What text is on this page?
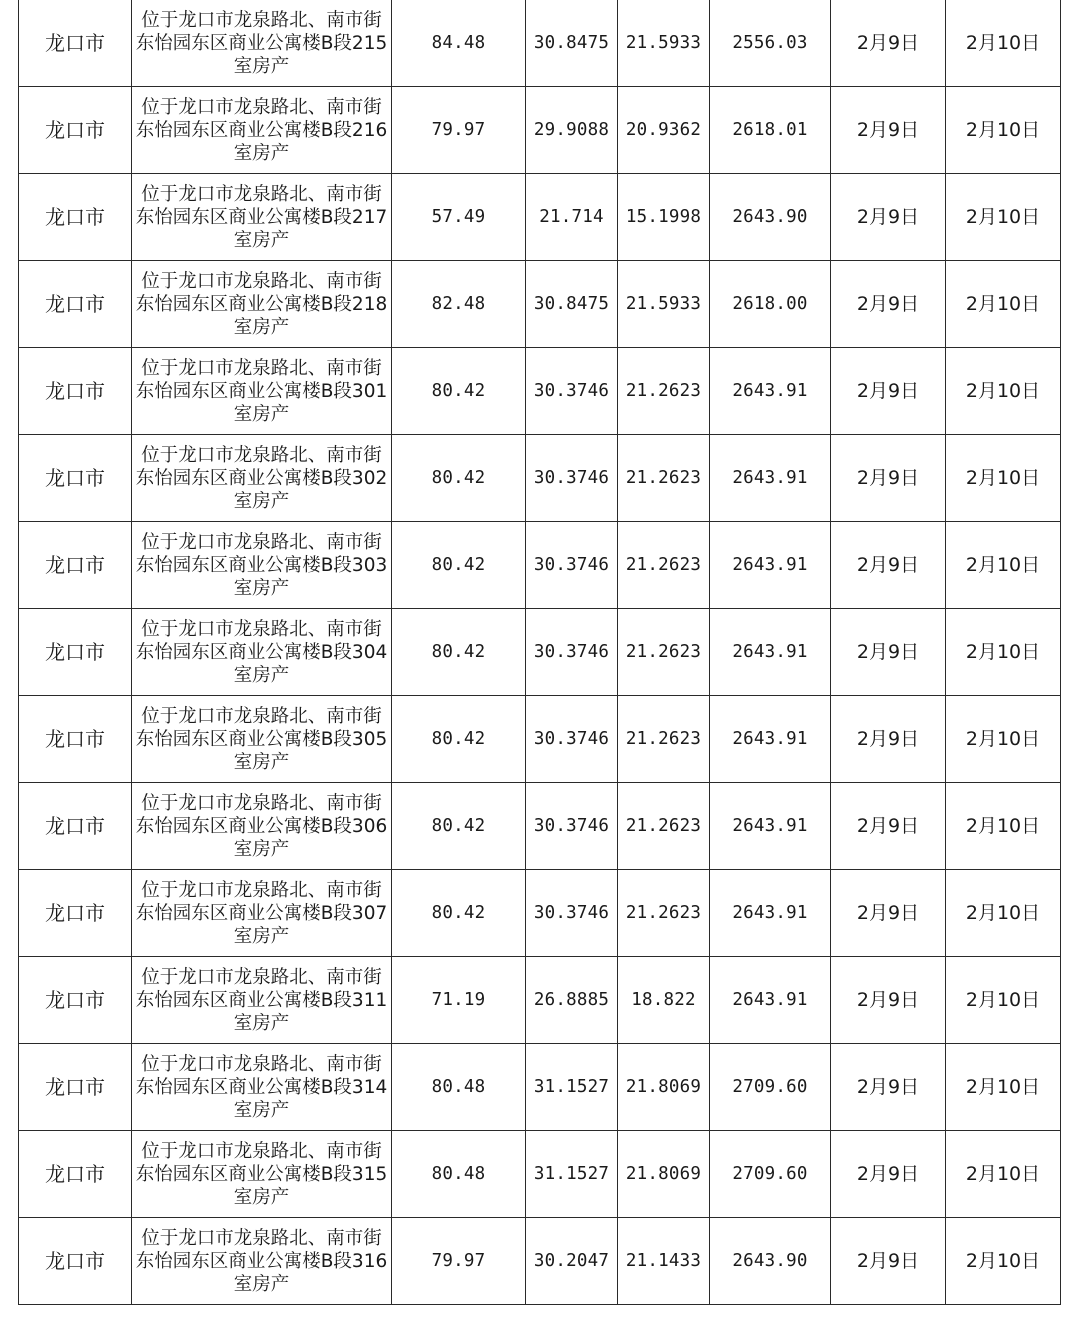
龙口市	位于龙口市龙泉路北、南市街
东怡园东区商业公寓楼B段215
室房产	84.48	30.8475	21.5933	2556.03	2月9日	2月10日
龙口市	位于龙口市龙泉路北、南市街
东怡园东区商业公寓楼B段216
室房产	79.97	29.9088	20.9362	2618.01	2月9日	2月10日
龙口市	位于龙口市龙泉路北、南市街
东怡园东区商业公寓楼B段217
室房产	57.49	21.714	15.1998	2643.90	2月9日	2月10日
龙口市	位于龙口市龙泉路北、南市街
东怡园东区商业公寓楼B段218
室房产	82.48	30.8475	21.5933	2618.00	2月9日	2月10日
龙口市	位于龙口市龙泉路北、南市街
东怡园东区商业公寓楼B段301
室房产	80.42	30.3746	21.2623	2643.91	2月9日	2月10日
龙口市	位于龙口市龙泉路北、南市街
东怡园东区商业公寓楼B段302
室房产	80.42	30.3746	21.2623	2643.91	2月9日	2月10日
龙口市	位于龙口市龙泉路北、南市街
东怡园东区商业公寓楼B段303
室房产	80.42	30.3746	21.2623	2643.91	2月9日	2月10日
龙口市	位于龙口市龙泉路北、南市街
东怡园东区商业公寓楼B段304
室房产	80.42	30.3746	21.2623	2643.91	2月9日	2月10日
龙口市	位于龙口市龙泉路北、南市街
东怡园东区商业公寓楼B段305
室房产	80.42	30.3746	21.2623	2643.91	2月9日	2月10日
龙口市	位于龙口市龙泉路北、南市街
东怡园东区商业公寓楼B段306
室房产	80.42	30.3746	21.2623	2643.91	2月9日	2月10日
龙口市	位于龙口市龙泉路北、南市街
东怡园东区商业公寓楼B段307
室房产	80.42	30.3746	21.2623	2643.91	2月9日	2月10日
龙口市	位于龙口市龙泉路北、南市街
东怡园东区商业公寓楼B段311
室房产	71.19	26.8885	18.822	2643.91	2月9日	2月10日
龙口市	位于龙口市龙泉路北、南市街
东怡园东区商业公寓楼B段314
室房产	80.48	31.1527	21.8069	2709.60	2月9日	2月10日
龙口市	位于龙口市龙泉路北、南市街
东怡园东区商业公寓楼B段315
室房产	80.48	31.1527	21.8069	2709.60	2月9日	2月10日
龙口市	位于龙口市龙泉路北、南市街
东怡园东区商业公寓楼B段316
室房产	79.97	30.2047	21.1433	2643.90	2月9日	2月10日
